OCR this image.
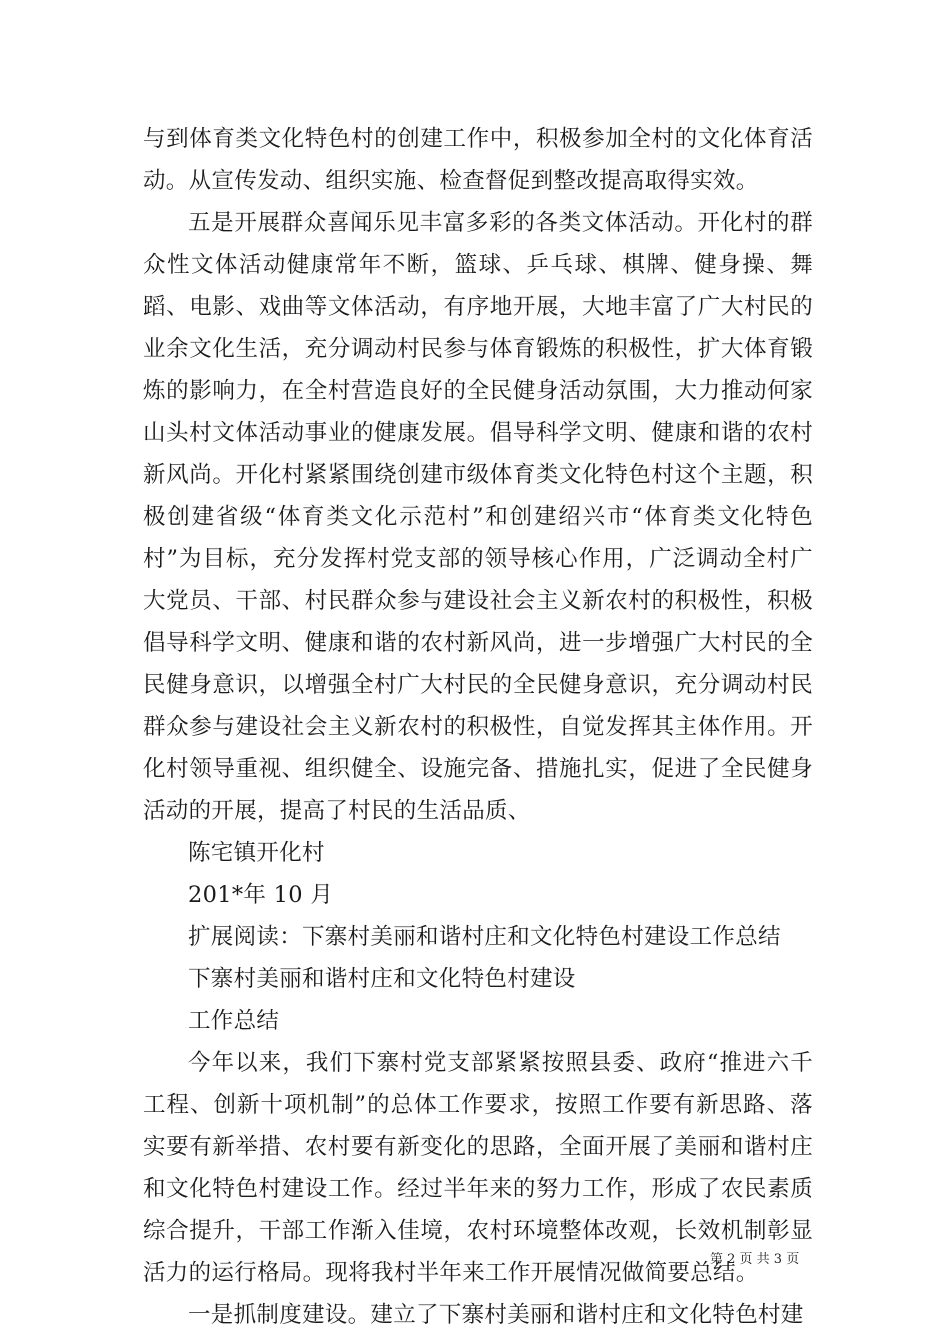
与到体育类文化特色村的创建工作中，积极参加全村的文化体育活动。从宣传发动、组织实施、检查督促到整改提高取得实效。

五是开展群众喜闻乐见丰富多彩的各类文体活动。开化村的群众性文体活动健康常年不断，篮球、乒乓球、棋牌、健身操、舞蹈、电影、戏曲等文体活动，有序地开展，大地丰富了广大村民的业余文化生活，充分调动村民参与体育锻炼的积极性，扩大体育锻炼的影响力，在全村营造良好的全民健身活动氛围，大力推动何家山头村文体活动事业的健康发展。倡导科学文明、健康和谐的农村新风尚。开化村紧紧围绕创建市级体育类文化特色村这个主题，积极创建省级“体育类文化示范村”和创建绍兴市“体育类文化特色村”为目标，充分发挥村党支部的领导核心作用，广泛调动全村广大党员、干部、村民群众参与建设社会主义新农村的积极性，积极倡导科学文明、健康和谐的农村新风尚，进一步增强广大村民的全民健身意识，以增强全村广大村民的全民健身意识，充分调动村民群众参与建设社会主义新农村的积极性，自觉发挥其主体作用。开化村领导重视、组织健全、设施完备、措施扎实，促进了全民健身活动的开展，提高了村民的生活品质、

陈宅镇开化村

201*年 10 月

扩展阅读：下寨村美丽和谐村庄和文化特色村建设工作总结

下寨村美丽和谐村庄和文化特色村建设

工作总结

今年以来，我们下寨村党支部紧紧按照县委、政府“推进六千工程、创新十项机制”的总体工作要求，按照工作要有新思路、落实要有新举措、农村要有新变化的思路，全面开展了美丽和谐村庄和文化特色村建设工作。经过半年来的努力工作，形成了农民素质综合提升，干部工作渐入佳境，农村环境整体改观，长效机制彰显活力的运行格局。现将我村半年来工作开展情况做简要总结。

一是抓制度建设。建立了下寨村美丽和谐村庄和文化特色村建

第 2 页 共 3 页
